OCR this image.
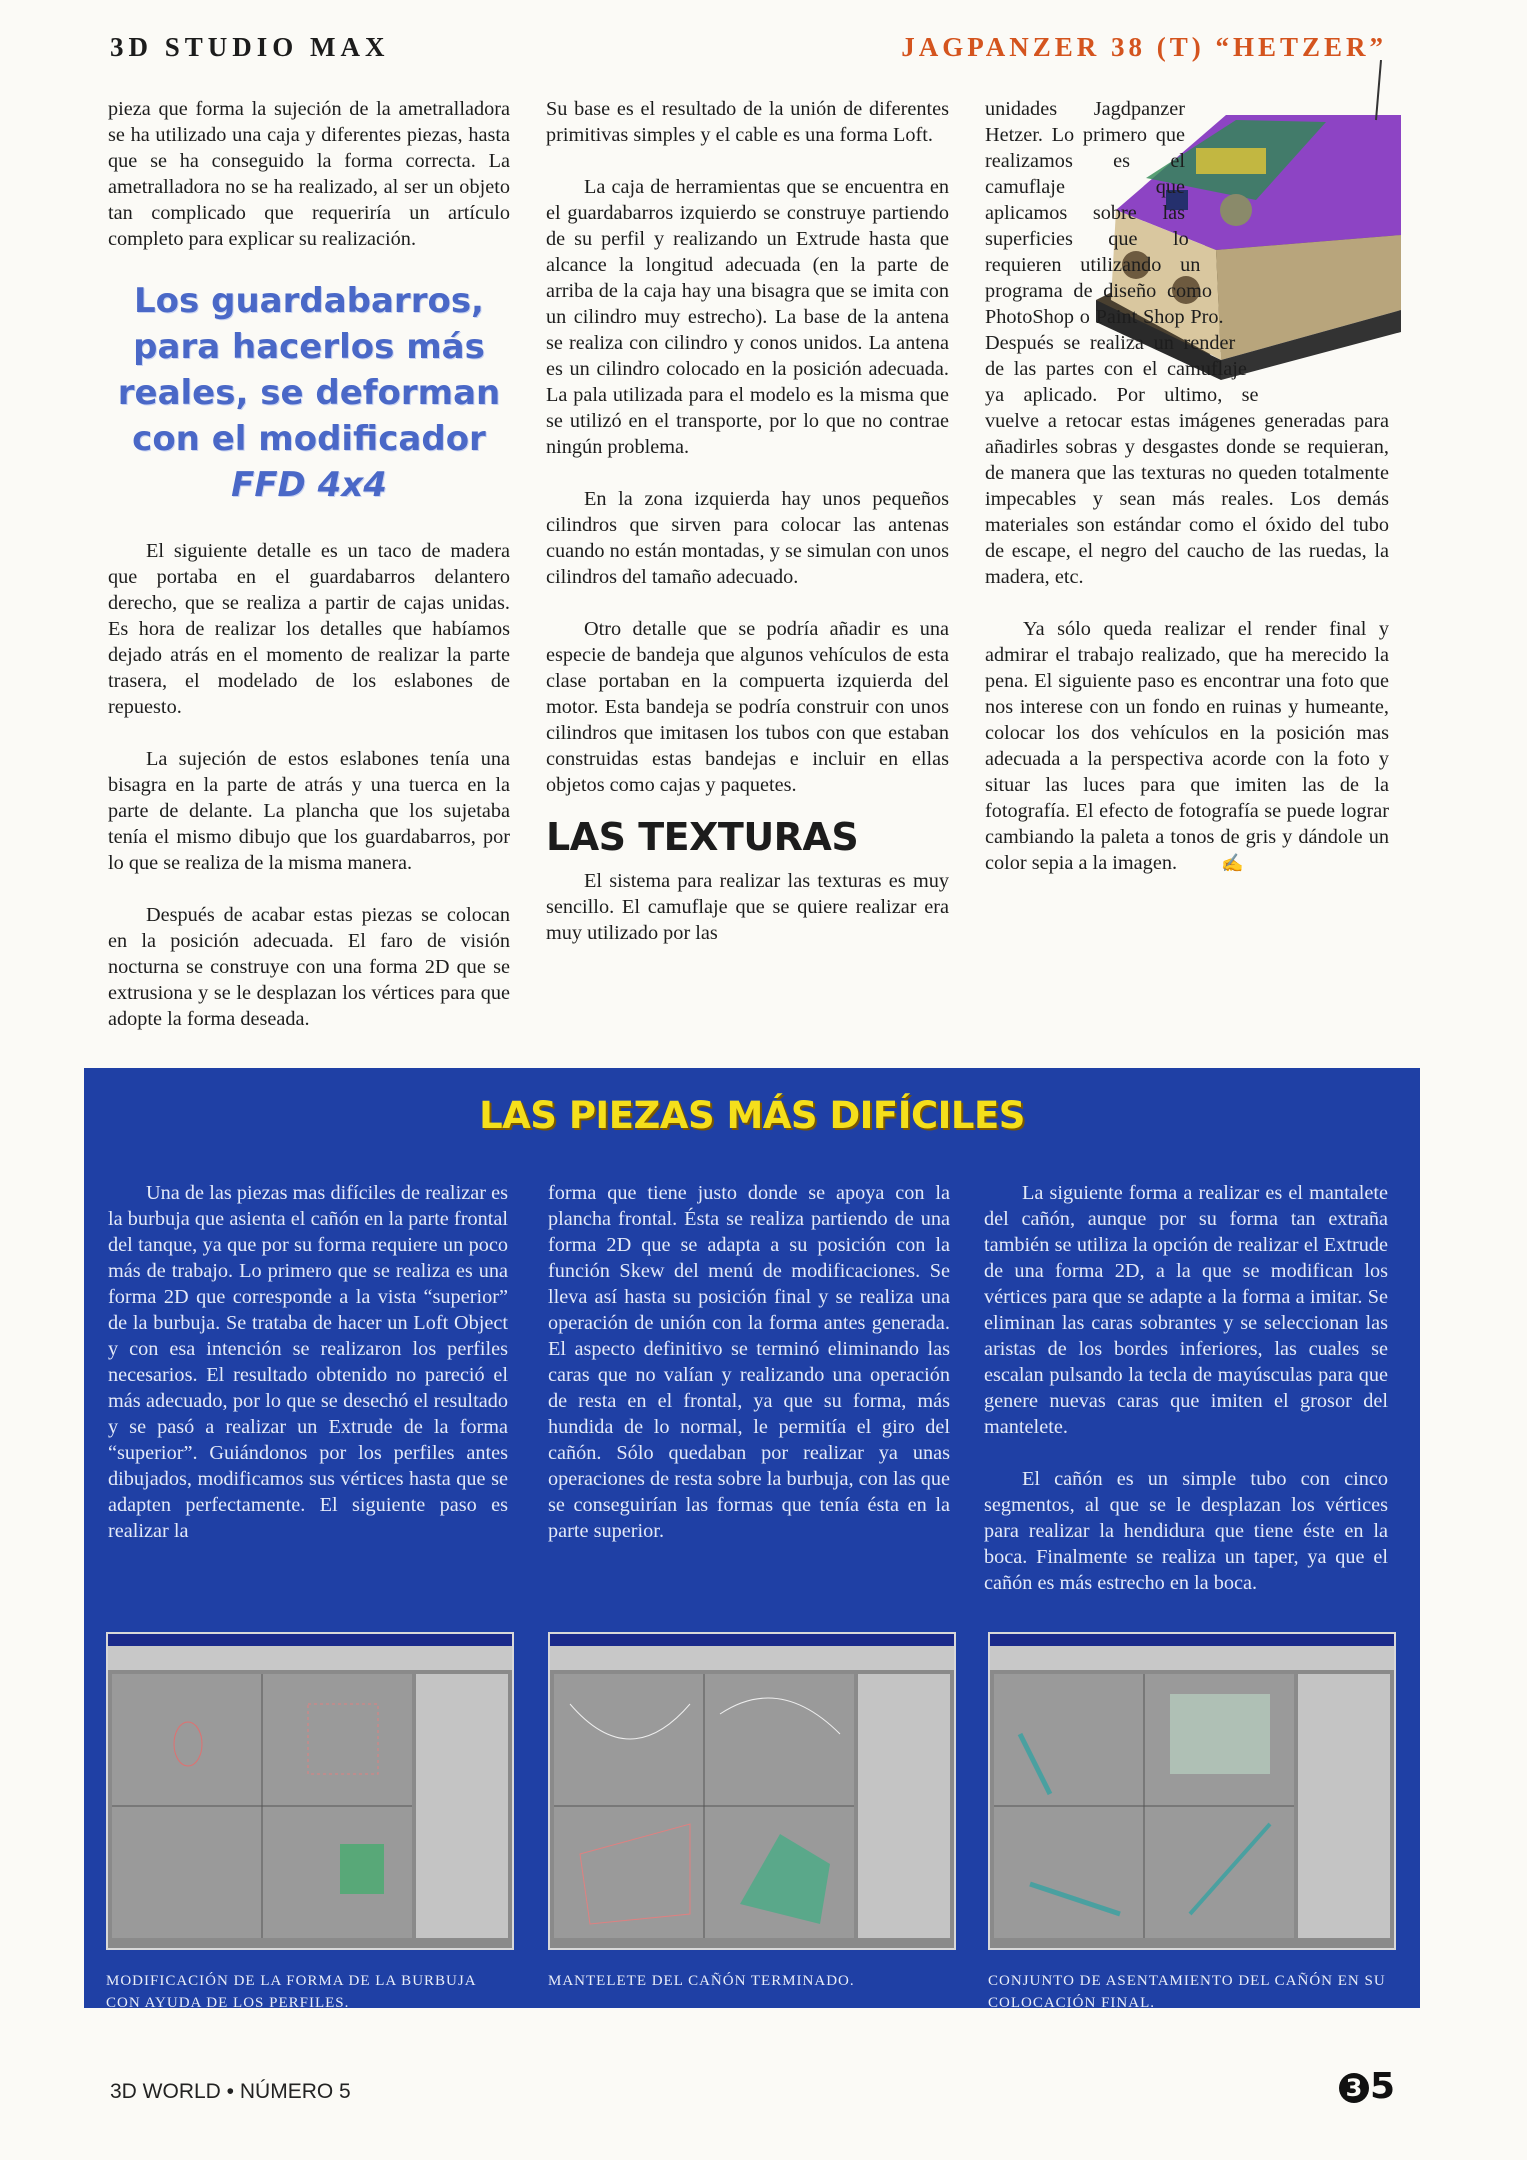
3D STUDIO MAX	JAGPANZER 38 (T) “HETZER”

pieza que forma la sujeción de la ametralladora se ha utilizado una caja y diferentes piezas, hasta que se ha conseguido la forma correcta. La ametralladora no se ha realizado, al ser un objeto tan complicado que requeriría un artículo completo para explicar su realización.

Los guardabarros, para hacerlos más reales, se deforman con el modificador
FFD 4x4

El siguiente detalle es un taco de madera que portaba en el guardabarros delantero derecho, que se realiza a partir de cajas unidas. Es hora de realizar los detalles que habíamos dejado atrás en el momento de realizar la parte trasera, el modelado de los eslabones de repuesto.

La sujeción de estos eslabones tenía una bisagra en la parte de atrás y una tuerca en la parte de delante. La plancha que los sujetaba tenía el mismo dibujo que los guardabarros, por lo que se realiza de la misma manera.

Después de acabar estas piezas se colocan en la posición adecuada. El faro de visión nocturna se construye con una forma 2D que se extrusiona y se le desplazan los vértices para que adopte la forma deseada.

Su base es el resultado de la unión de diferentes primitivas simples y el cable es una forma Loft.

La caja de herramientas que se encuentra en el guardabarros izquierdo se construye partiendo de su perfil y realizando un Extrude hasta que alcance la longitud adecuada (en la parte de arriba de la caja hay una bisagra que se imita con un cilindro muy estrecho). La base de la antena se realiza con cilindro y conos unidos. La antena es un cilindro colocado en la posición adecuada. La pala utilizada para el modelo es la misma que se utilizó en el transporte, por lo que no contrae ningún problema.

En la zona izquierda hay unos pequeños cilindros que sirven para colocar las antenas cuando no están montadas, y se simulan con unos cilindros del tamaño adecuado.

Otro detalle que se podría añadir es una especie de bandeja que algunos vehículos de esta clase portaban en la compuerta izquierda del motor. Esta bandeja se podría construir con unos cilindros que imitasen los tubos con que estaban construidas estas bandejas e incluir en ellas objetos como cajas y paquetes.

LAS TEXTURAS

El sistema para realizar las texturas es muy sencillo. El camuflaje que se quiere realizar era muy utilizado por las

unidades Jagdpanzer Hetzer. Lo primero que realizamos es el camuflaje que aplicamos sobre las superficies que lo requieren utilizando un programa de diseño como PhotoShop o Paint Shop Pro. Después se realiza un render de las partes con el camuflaje ya aplicado. Por ultimo, se vuelve a retocar estas imágenes generadas para añadirles sobras y desgastes donde se requieran, de manera que las texturas no queden totalmente impecables y sean más reales. Los demás materiales son estándar como el óxido del tubo de escape, el negro del caucho de las ruedas, la madera, etc.

Ya sólo queda realizar el render final y admirar el trabajo realizado, que ha merecido la pena. El siguiente paso es encontrar una foto que nos interese con un fondo en ruinas y humeante, colocar los dos vehículos en la posición mas adecuada a la perspectiva acorde con la foto y situar las luces para que imiten las de la fotografía. El efecto de fotografía se puede lograr cambiando la paleta a tonos de gris y dándole un color sepia a la imagen. ✍

LAS PIEZAS MÁS DIFÍCILES

Una de las piezas mas difíciles de realizar es la burbuja que asienta el cañón en la parte frontal del tanque, ya que por su forma requiere un poco más de trabajo. Lo primero que se realiza es una forma 2D que corresponde a la vista “superior” de la burbuja. Se trataba de hacer un Loft Object y con esa intención se realizaron los perfiles necesarios. El resultado obtenido no pareció el más adecuado, por lo que se desechó el resultado y se pasó a realizar un Extrude de la forma “superior”. Guiándonos por los perfiles antes dibujados, modificamos sus vértices hasta que se adapten perfectamente. El siguiente paso es realizar la

forma que tiene justo donde se apoya con la plancha frontal. Ésta se realiza partiendo de una forma 2D que se adapta a su posición con la función Skew del menú de modificaciones. Se lleva así hasta su posición final y se realiza una operación de unión con la forma antes generada. El aspecto definitivo se terminó eliminando las caras que no valían y realizando una operación de resta en el frontal, ya que su forma, más hundida de lo normal, le permitía el giro del cañón. Sólo quedaban por realizar ya unas operaciones de resta sobre la burbuja, con las que se conseguirían las formas que tenía ésta en la parte superior.

La siguiente forma a realizar es el mantalete del cañón, aunque por su forma tan extraña también se utiliza la opción de realizar el Extrude de una forma 2D, a la que se modifican los vértices para que se adapte a la forma a imitar. Se eliminan las caras sobrantes y se seleccionan las aristas de los bordes inferiores, las cuales se escalan pulsando la tecla de mayúsculas para que genere nuevas caras que imiten el grosor del mantelete.

El cañón es un simple tubo con cinco segmentos, al que se le desplazan los vértices para realizar la hendidura que tiene éste en la boca. Finalmente se realiza un taper, ya que el cañón es más estrecho en la boca.

MODIFICACIÓN DE LA FORMA DE LA BURBUJA CON AYUDA DE LOS PERFILES.
MANTELETE DEL CAÑÓN TERMINADO.	CONJUNTO DE ASENTAMIENTO DEL CAÑÓN EN SU COLOCACIÓN FINAL.
3D WORLD • NÚMERO 5	3 5
